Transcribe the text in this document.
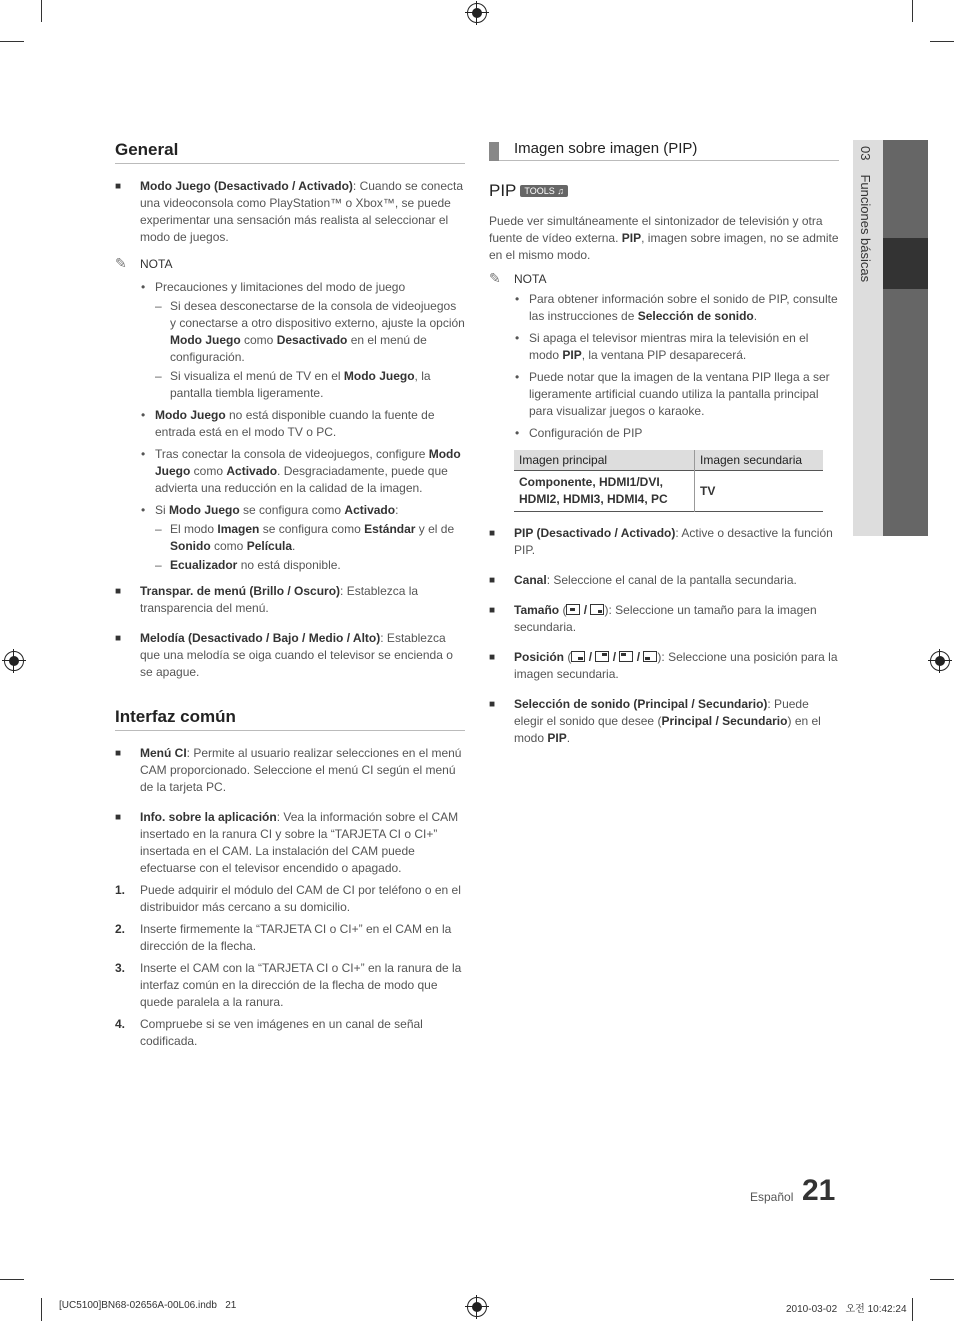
03Funciones básicas
General
■ Modo Juego (Desactivado / Activado): Cuando se conecta una videoconsola como PlayStation™ o Xbox™, se puede experimentar una sensación más realista al seleccionar el modo de juegos.
✎ NOTA
• Precauciones y limitaciones del modo de juego
– Si desea desconectarse de la consola de videojuegos y conectarse a otro dispositivo externo, ajuste la opción Modo Juego como Desactivado en el menú de configuración.
– Si visualiza el menú de TV en el Modo Juego, la pantalla tiembla ligeramente.
• Modo Juego no está disponible cuando la fuente de entrada está en el modo TV o PC.
• Tras conectar la consola de videojuegos, configure Modo Juego como Activado. Desgraciadamente, puede que advierta una reducción en la calidad de la imagen.
• Si Modo Juego se configura como Activado:
– El modo Imagen se configura como Estándar y el de Sonido como Película.
– Ecualizador no está disponible.
■ Transpar. de menú (Brillo / Oscuro): Establezca la transparencia del menú.
■ Melodía (Desactivado / Bajo / Medio / Alto): Establezca que una melodía se oiga cuando el televisor se encienda o se apague.
Interfaz común
■ Menú CI: Permite al usuario realizar selecciones en el menú CAM proporcionado. Seleccione el menú CI según el menú de la tarjeta PC.
■ Info. sobre la aplicación: Vea la información sobre el CAM insertado en la ranura CI y sobre la “TARJETA CI o CI+” insertada en el CAM. La instalación del CAM puede efectuarse con el televisor encendido o apagado.
1. Puede adquirir el módulo del CAM de CI por teléfono o en el distribuidor más cercano a su domicilio.
2. Inserte firmemente la “TARJETA CI o CI+” en el CAM en la dirección de la flecha.
3. Inserte el CAM con la “TARJETA CI o CI+” en la ranura de la interfaz común en la dirección de la flecha de modo que quede paralela a la ranura.
4. Compruebe si se ven imágenes en un canal de señal codificada.
Imagen sobre imagen (PIP)
PIP TOOLS ♫

Puede ver simultáneamente el sintonizador de televisión y otra fuente de vídeo externa. PIP, imagen sobre imagen, no se admite en el mismo modo.

✎ NOTA
• Para obtener información sobre el sonido de PIP, consulte las instrucciones de Selección de sonido.
• Si apaga el televisor mientras mira la televisión en el modo PIP, la ventana PIP desaparecerá.
• Puede notar que la imagen de la ventana PIP llega a ser ligeramente artificial cuando utiliza la pantalla principal para visualizar juegos o karaoke.
• Configuración de PIP
Imagen principal	Imagen secundaria
Componente, HDMI1/DVI, HDMI2, HDMI3, HDMI4, PC	TV
■ PIP (Desactivado / Activado): Active o desactive la función PIP.
■ Canal: Seleccione el canal de la pantalla secundaria.
■ Tamaño (
/
): Seleccione un tamaño para la imagen secundaria.
■ Posición (
/
/
/
): Seleccione una posición para la imagen secundaria.
■ Selección de sonido (Principal / Secundario): Puede elegir el sonido que desee (Principal / Secundario) en el modo PIP.
Español 21
[UC5100]BN68-02656A-00L06.indb   21	2010-03-02   오전 10:42:24
